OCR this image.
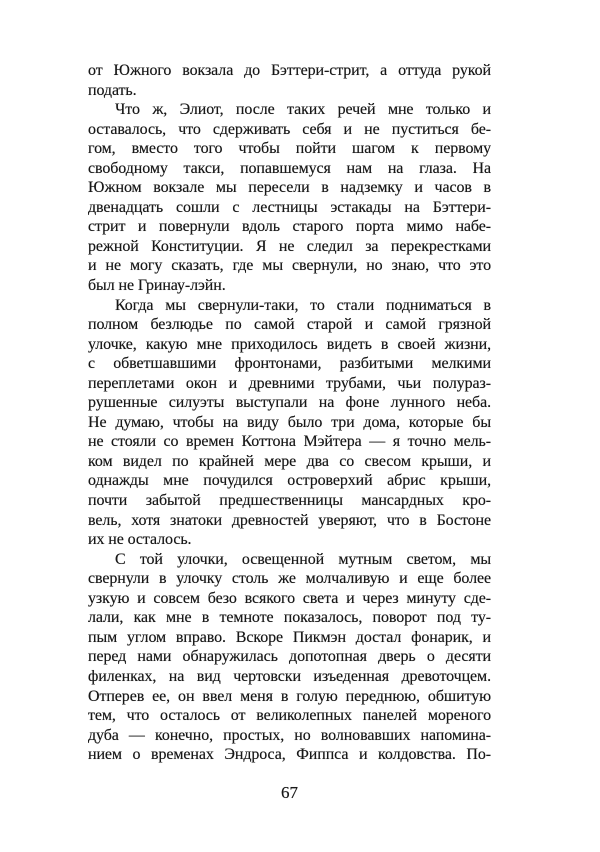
от Южного вокзала до Бэттери-стрит, а оттуда рукой
подать.
Что ж, Элиот, после таких речей мне только и
оставалось, что сдерживать себя и не пуститься бе-
гом, вместо того чтобы пойти шагом к первому
свободному такси, попавшемуся нам на глаза. На
Южном вокзале мы пересели в надземку и часов в
двенадцать сошли с лестницы эстакады на Бэттери-
стрит и повернули вдоль старого порта мимо набе-
режной Конституции. Я не следил за перекрестками
и не могу сказать, где мы свернули, но знаю, что это
был не Гринау-лэйн.
Когда мы свернули-таки, то стали подниматься в
полном безлюдье по самой старой и самой грязной
улочке, какую мне приходилось видеть в своей жизни,
с обветшавшими фронтонами, разбитыми мелкими
переплетами окон и древними трубами, чьи полураз-
рушенные силуэты выступали на фоне лунного неба.
Не думаю, чтобы на виду было три дома, которые бы
не стояли со времен Коттона Мэйтера — я точно мель-
ком видел по крайней мере два со свесом крыши, и
однажды мне почудился островерхий абрис крыши,
почти забытой предшественницы мансардных кро-
вель, хотя знатоки древностей уверяют, что в Бостоне
их не осталось.
С той улочки, освещенной мутным светом, мы
свернули в улочку столь же молчаливую и еще более
узкую и совсем безо всякого света и через минуту сде-
лали, как мне в темноте показалось, поворот под ту-
пым углом вправо. Вскоре Пикмэн достал фонарик, и
перед нами обнаружилась допотопная дверь о десяти
филенках, на вид чертовски изъеденная древоточцем.
Отперев ее, он ввел меня в голую переднюю, обшитую
тем, что осталось от великолепных панелей мореного
дуба — конечно, простых, но волновавших напомина-
нием о временах Эндроса, Фиппса и колдовства. По-
67
